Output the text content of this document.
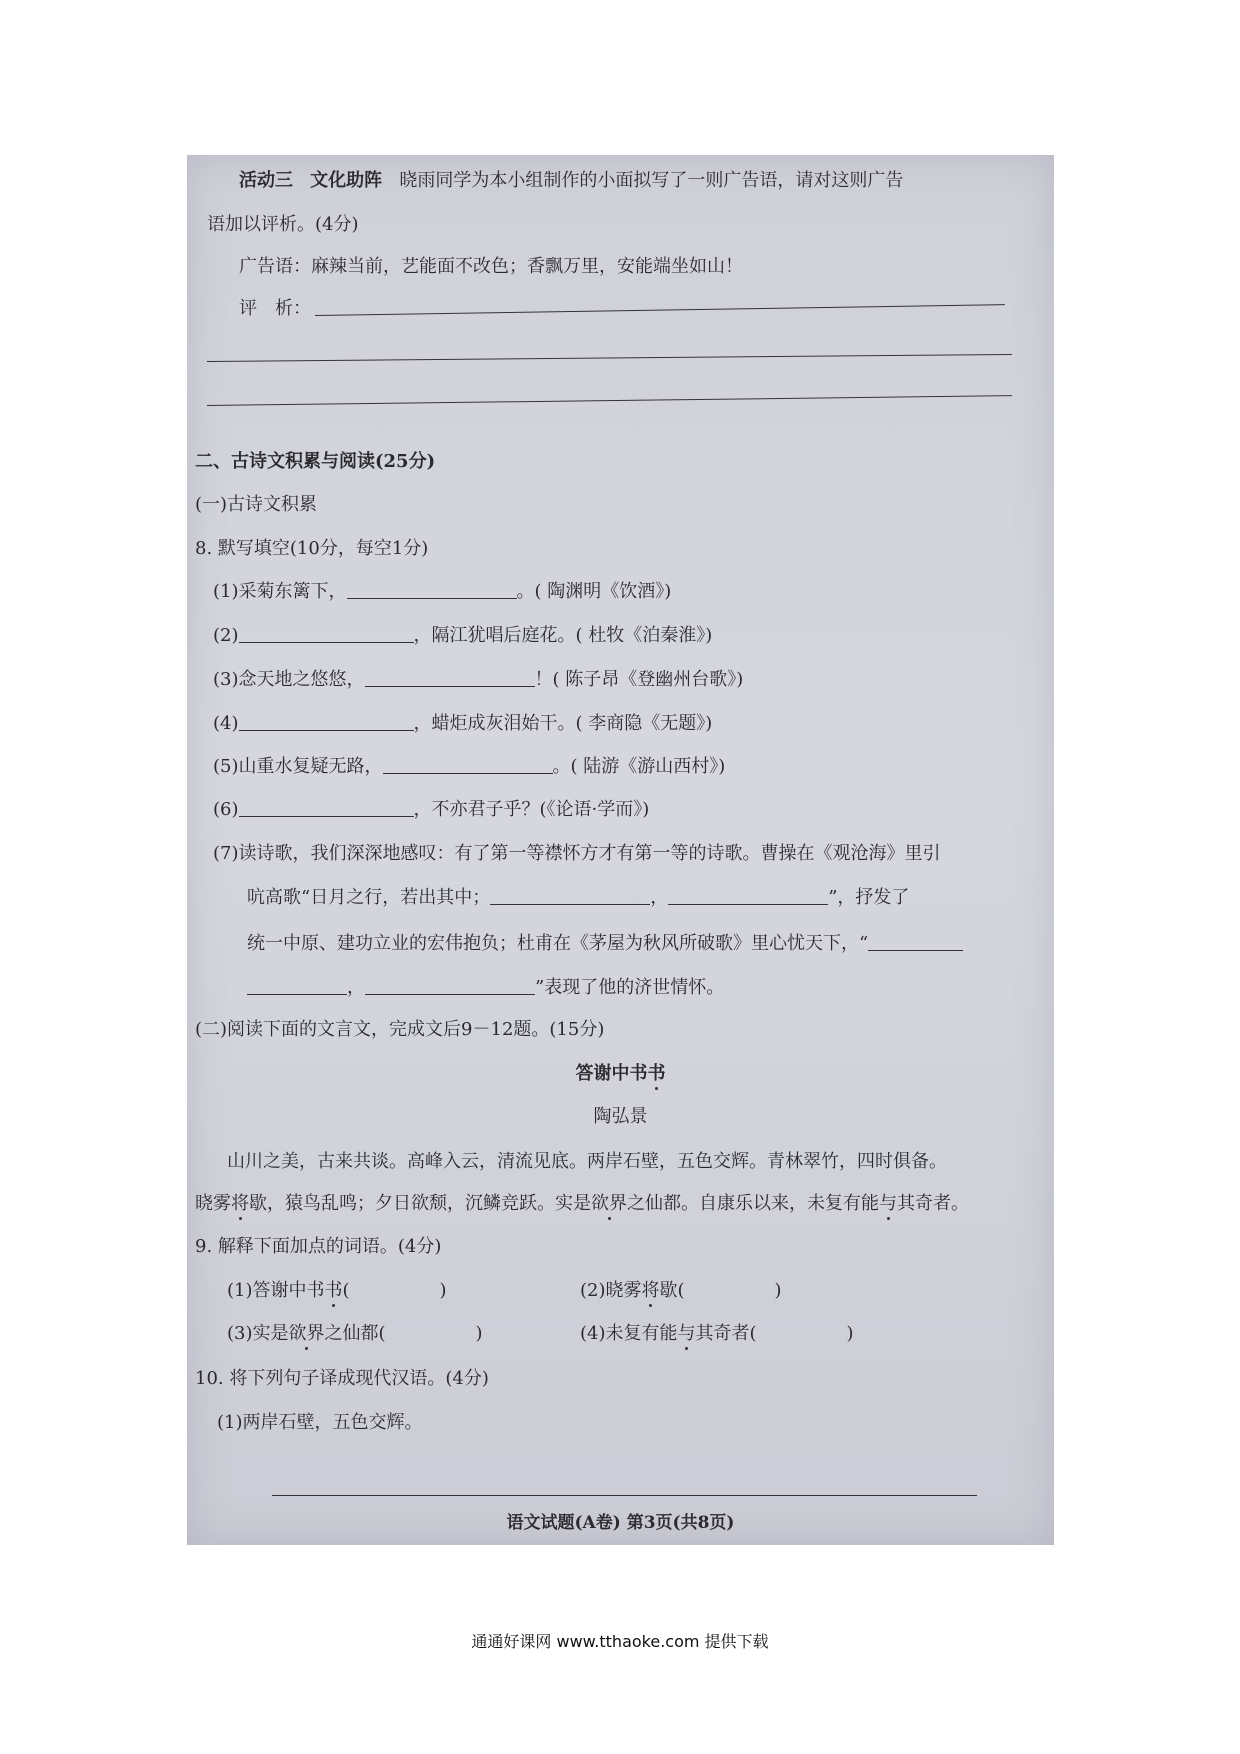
活动三 文化助阵 晓雨同学为本小组制作的小面拟写了一则广告语，请对这则广告
语加以评析。(4分)
广告语：麻辣当前，艺能面不改色；香飘万里，安能端坐如山！
评　析：
二、古诗文积累与阅读(25分)
(一)古诗文积累
8. 默写填空(10分，每空1分)
(1)采菊东篱下，	。( 陶渊明《饮酒》)
(2)	，隔江犹唱后庭花。( 杜牧《泊秦淮》)
(3)念天地之悠悠，	！( 陈子昂《登幽州台歌》)
(4)	，蜡炬成灰泪始干。( 李商隐《无题》)
(5)山重水复疑无路，	。( 陆游《游山西村》)
(6)	，不亦君子乎？(《论语·学而》)
(7)读诗歌，我们深深地感叹：有了第一等襟怀方才有第一等的诗歌。曹操在《观沧海》里引
吭高歌“日月之行，若出其中；	，	”，抒发了
统一中原、建功立业的宏伟抱负；杜甫在《茅屋为秋风所破歌》里心忧天下，“
，	”表现了他的济世情怀。
(二)阅读下面的文言文，完成文后9－12题。(15分)
答谢中书书
陶弘景
山川之美，古来共谈。高峰入云，清流见底。两岸石壁，五色交辉。青林翠竹，四时俱备。
晓雾将歇，猿鸟乱鸣；夕日欲颓，沉鳞竞跃。实是欲界之仙都。自康乐以来，未复有能与其奇者。
9. 解释下面加点的词语。(4分)
(1)答谢中书书(　　　　　)	(2)晓雾将歇(　　　　　)
(3)实是欲界之仙都(　　　　　)	(4)未复有能与其奇者(　　　　　)
10. 将下列句子译成现代汉语。(4分)
(1)两岸石壁，五色交辉。
语文试题(A卷) 第3页(共8页)
通通好课网 www.tthaoke.com 提供下载
